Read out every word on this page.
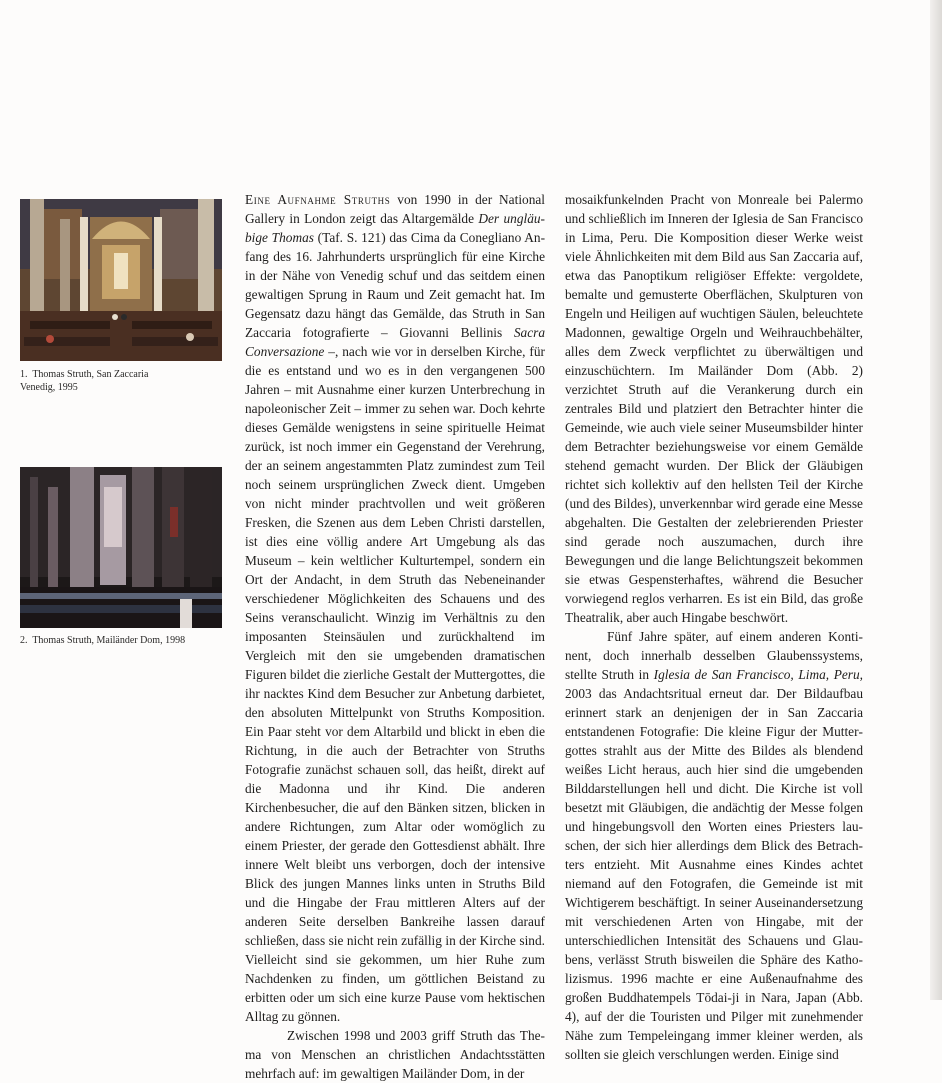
1. Thomas Struth, San Zaccaria
Venedig, 1995
2. Thomas Struth, Mailänder Dom, 1998

Eine Aufnahme Struths von 1990 in der National Gallery in London zeigt das Altargemälde Der ungläubige Thomas (Taf. S. 121) das Cima da Conegliano Anfang des 16. Jahrhunderts ursprünglich für eine Kirche in der Nähe von Venedig schuf und das seitdem einen gewaltigen Sprung in Raum und Zeit gemacht hat. Im Gegensatz dazu hängt das Gemälde, das Struth in San Zaccaria fotografierte – Giovanni Bellinis Sacra Conversazione –, nach wie vor in derselben Kirche, für die es entstand und wo es in den vergangenen 500 Jahren – mit Ausnahme einer kurzen Unterbrechung in napoleonischer Zeit – immer zu sehen war. Doch kehrte dieses Gemälde wenigstens in seine spirituelle Heimat zurück, ist noch immer ein Gegenstand der Verehrung, der an seinem angestammten Platz zumindest zum Teil noch seinem ursprünglichen Zweck dient. Umgeben von nicht minder prachtvollen und weit größeren Fresken, die Szenen aus dem Leben Christi darstellen, ist dies eine völlig andere Art Umgebung als das Museum – kein weltlicher Kulturtempel, sondern ein Ort der Andacht, in dem Struth das Nebeneinander verschiedener Möglichkeiten des Schauens und des Seins veranschaulicht. Winzig im Verhältnis zu den imposanten Steinsäulen und zurückhaltend im Vergleich mit den sie umgebenden dramatischen Figuren bildet die zierliche Gestalt der Muttergottes, die ihr nacktes Kind dem Besucher zur Anbetung darbietet, den absoluten Mittelpunkt von Struths Komposition. Ein Paar steht vor dem Altarbild und blickt in eben die Richtung, in die auch der Betrachter von Struths Fotografie zunächst schauen soll, das heißt, direkt auf die Madonna und ihr Kind. Die anderen Kirchenbesucher, die auf den Bänken sitzen, blicken in andere Richtungen, zum Altar oder womöglich zu einem Priester, der gerade den Gottesdienst abhält. Ihre innere Welt bleibt uns verborgen, doch der intensive Blick des jungen Mannes links unten in Struths Bild und die Hingabe der Frau mittleren Alters auf der anderen Seite derselben Bankreihe lassen darauf schließen, dass sie nicht rein zufällig in der Kirche sind. Vielleicht sind sie gekommen, um hier Ruhe zum Nachdenken zu finden, um göttlichen Beistand zu erbitten oder um sich eine kurze Pause vom hektischen Alltag zu gönnen.

Zwischen 1998 und 2003 griff Struth das Thema von Menschen an christlichen Andachtsstätten mehrfach auf: im gewaltigen Mailänder Dom, in der

mosaikfunkelnden Pracht von Monreale bei Palermo und schließlich im Inneren der Iglesia de San Francisco in Lima, Peru. Die Komposition dieser Werke weist viele Ähnlichkeiten mit dem Bild aus San Zaccaria auf, etwa das Panoptikum religiöser Effekte: vergoldete, bemalte und gemusterte Oberflächen, Skulpturen von Engeln und Heiligen auf wuchtigen Säulen, beleuchtete Madonnen, gewaltige Orgeln und Weihrauchbehälter, alles dem Zweck verpflichtet zu überwältigen und einzuschüchtern. Im Mailänder Dom (Abb. 2) verzichtet Struth auf die Verankerung durch ein zentrales Bild und platziert den Betrachter hinter die Gemeinde, wie auch viele seiner Museumsbilder hinter dem Betrachter beziehungsweise vor einem Gemälde stehend gemacht wurden. Der Blick der Gläubigen richtet sich kollektiv auf den hellsten Teil der Kirche (und des Bildes), unverkennbar wird gerade eine Messe abgehalten. Die Gestalten der zelebrierenden Priester sind gerade noch auszumachen, durch ihre Bewegungen und die lange Belichtungszeit bekommen sie etwas Gespensterhaftes, während die Besucher vorwiegend reglos verharren. Es ist ein Bild, das große Theatralik, aber auch Hingabe beschwört.

Fünf Jahre später, auf einem anderen Kontinent, doch innerhalb desselben Glaubenssystems, stellte Struth in Iglesia de San Francisco, Lima, Peru, 2003 das Andachtsritual erneut dar. Der Bildaufbau erinnert stark an denjenigen der in San Zaccaria entstandenen Fotografie: Die kleine Figur der Muttergottes strahlt aus der Mitte des Bildes als blendend weißes Licht heraus, auch hier sind die umgebenden Bilddarstellungen hell und dicht. Die Kirche ist voll besetzt mit Gläubigen, die andächtig der Messe folgen und hingebungsvoll den Worten eines Priesters lauschen, der sich hier allerdings dem Blick des Betrachters entzieht. Mit Ausnahme eines Kindes achtet niemand auf den Fotografen, die Gemeinde ist mit Wichtigerem beschäftigt. In seiner Auseinandersetzung mit verschiedenen Arten von Hingabe, mit der unterschiedlichen Intensität des Schauens und Glaubens, verlässt Struth bisweilen die Sphäre des Katholizismus. 1996 machte er eine Außenaufnahme des großen Buddhatempels Tōdai-ji in Nara, Japan (Abb. 4), auf der die Touristen und Pilger mit zunehmender Nähe zum Tempeleingang immer kleiner werden, als sollten sie gleich verschlungen werden. Einige sind
